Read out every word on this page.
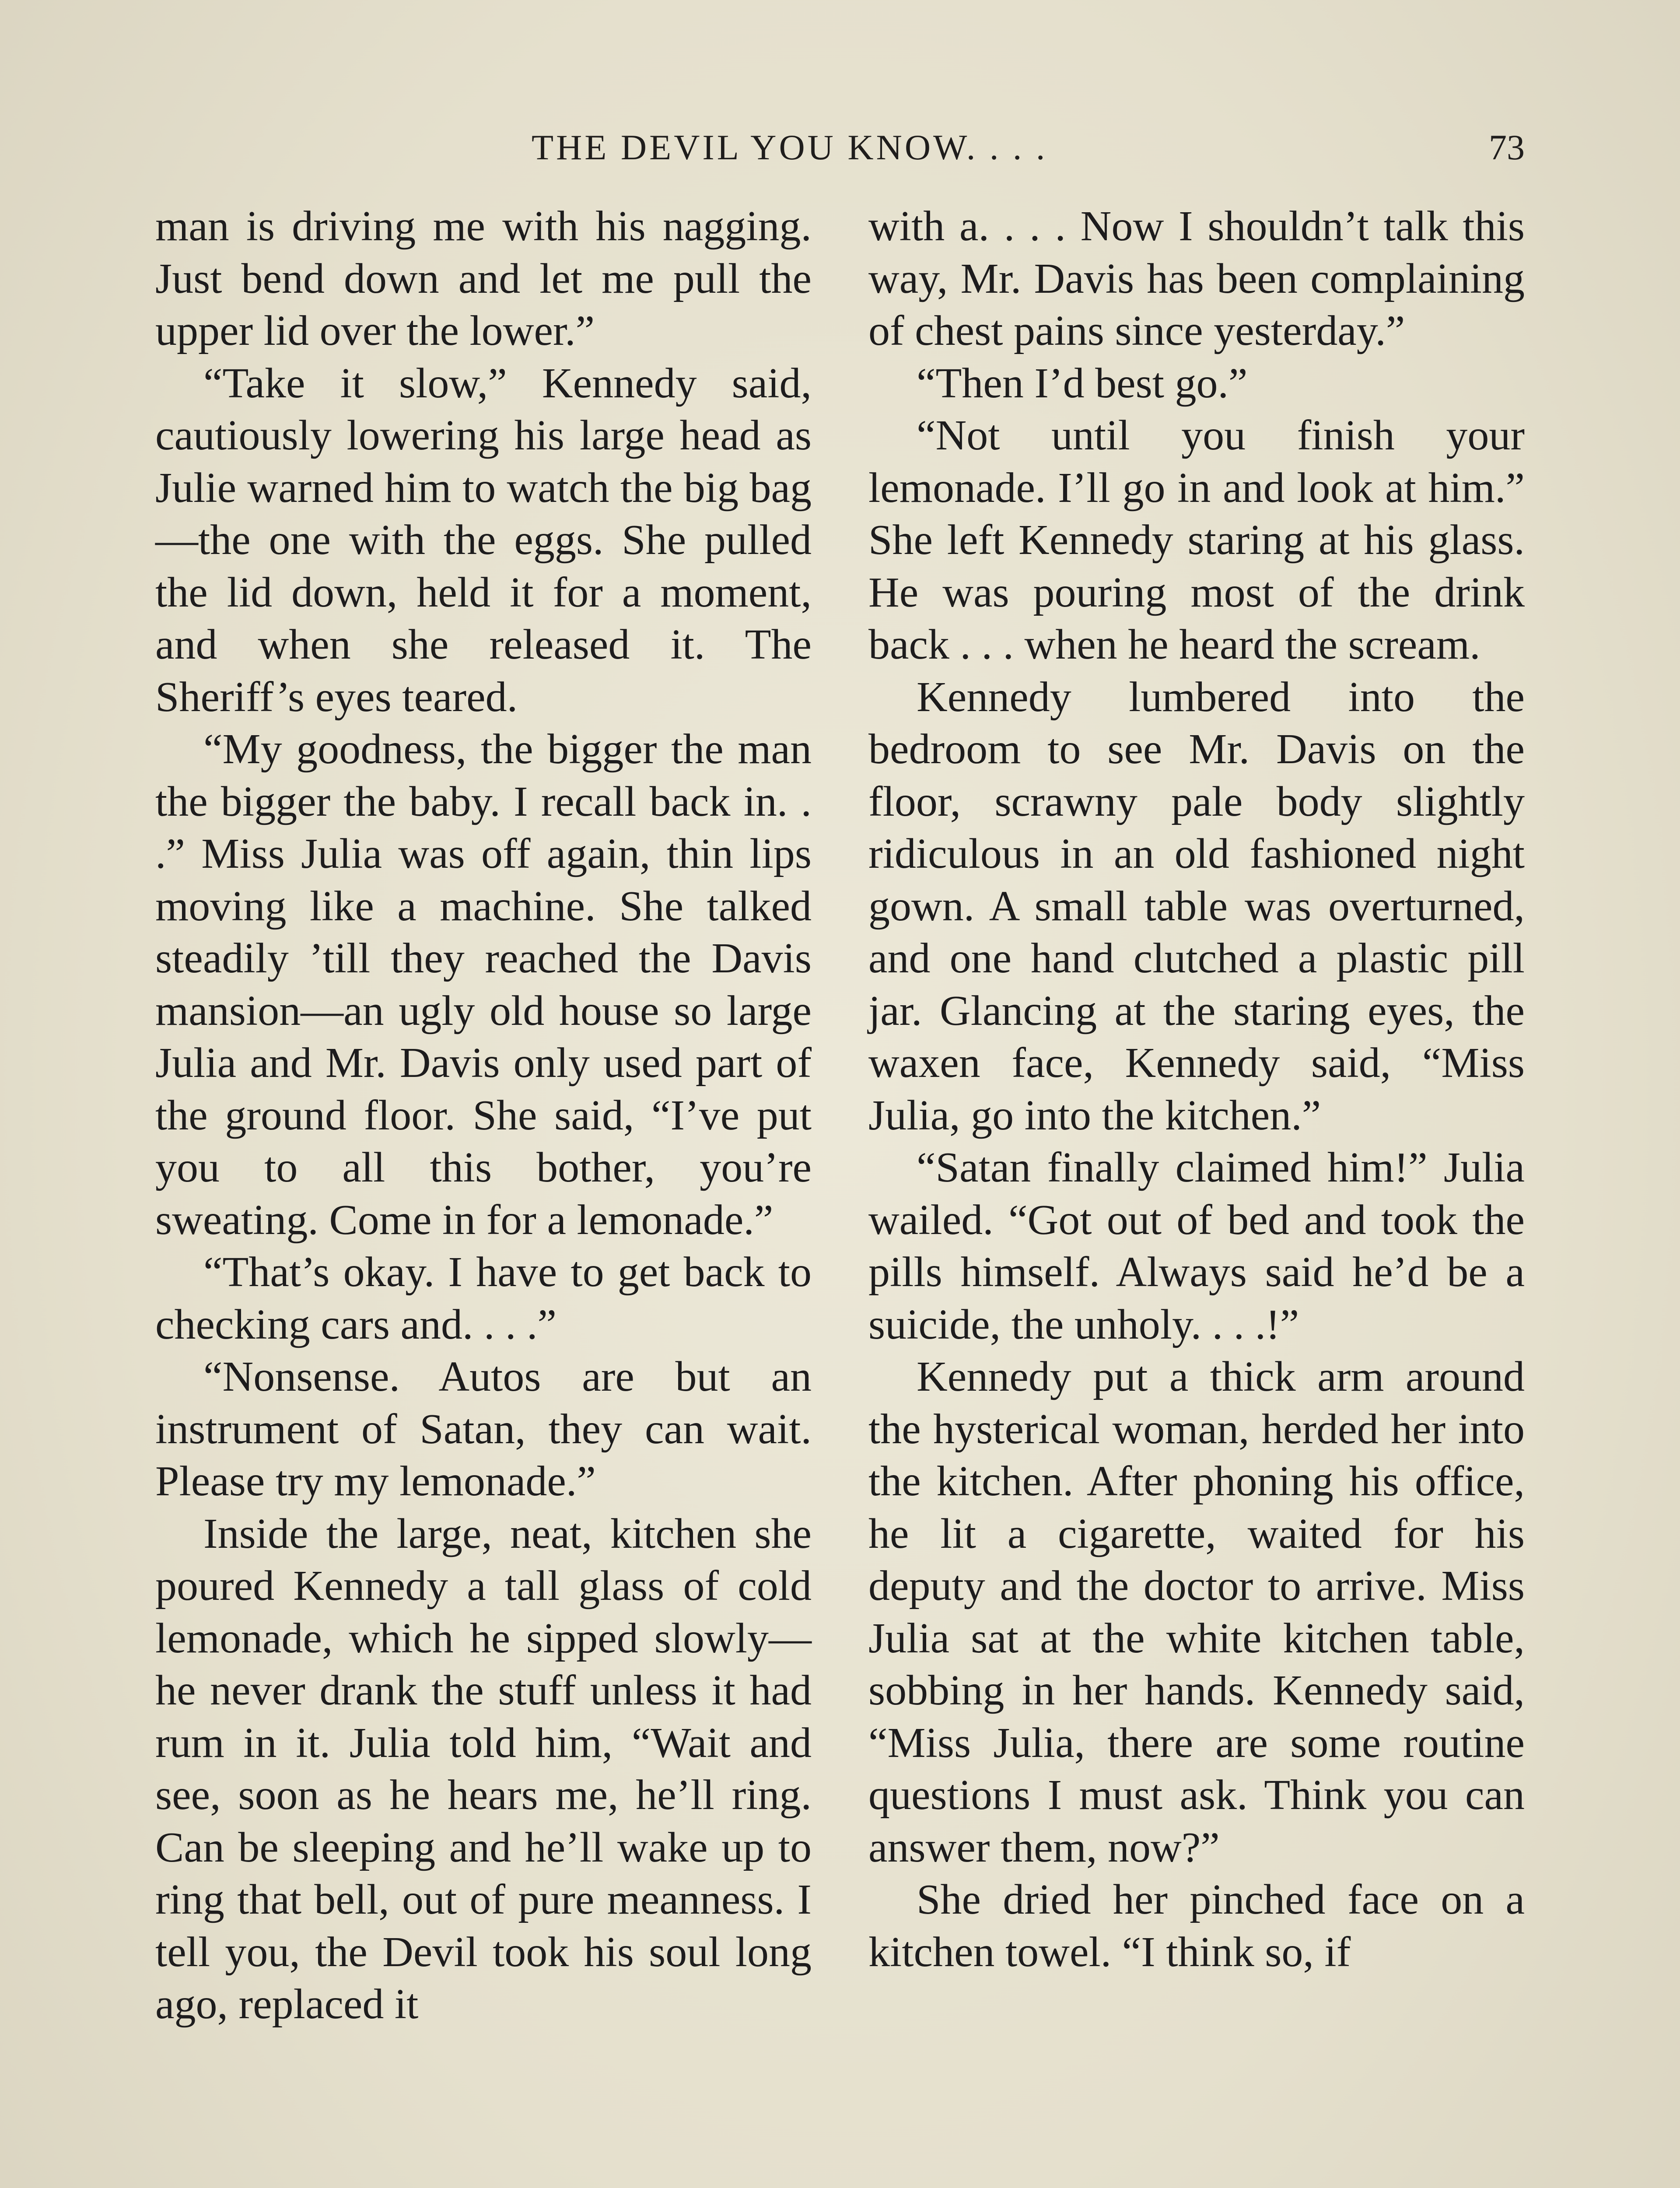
THE DEVIL YOU KNOW. . . .	73

man is driving me with his nagging. Just bend down and let me pull the upper lid over the lower.”

“Take it slow,” Kennedy said, cautiously lowering his large head as Julie warned him to watch the big bag—the one with the eggs. She pulled the lid down, held it for a moment, and when she released it. The Sheriff’s eyes teared.

“My goodness, the bigger the man the bigger the baby. I recall back in. . .” Miss Julia was off again, thin lips moving like a machine. She talked steadily ’till they reached the Davis mansion—an ugly old house so large Julia and Mr. Davis only used part of the ground floor. She said, “I’ve put you to all this bother, you’re sweating. Come in for a lemonade.”

“That’s okay. I have to get back to checking cars and. . . .”

“Nonsense. Autos are but an instrument of Satan, they can wait. Please try my lemonade.”

Inside the large, neat, kitchen she poured Kennedy a tall glass of cold lemonade, which he sipped slowly—he never drank the stuff unless it had rum in it. Julia told him, “Wait and see, soon as he hears me, he’ll ring. Can be sleeping and he’ll wake up to ring that bell, out of pure meanness. I tell you, the Devil took his soul long ago, replaced it

with a. . . . Now I shouldn’t talk this way, Mr. Davis has been complaining of chest pains since yesterday.”

“Then I’d best go.”

“Not until you finish your lemonade. I’ll go in and look at him.” She left Kennedy staring at his glass. He was pouring most of the drink back . . . when he heard the scream.

Kennedy lumbered into the bedroom to see Mr. Davis on the floor, scrawny pale body slightly ridiculous in an old fashioned night gown. A small table was overturned, and one hand clutched a plastic pill jar. Glancing at the staring eyes, the waxen face, Kennedy said, “Miss Julia, go into the kitchen.”

“Satan finally claimed him!” Julia wailed. “Got out of bed and took the pills himself. Always said he’d be a suicide, the unholy. . . .!”

Kennedy put a thick arm around the hysterical woman, herded her into the kitchen. After phoning his office, he lit a cigarette, waited for his deputy and the doctor to arrive. Miss Julia sat at the white kitchen table, sobbing in her hands. Kennedy said, “Miss Julia, there are some routine questions I must ask. Think you can answer them, now?”

She dried her pinched face on a kitchen towel. “I think so, if
